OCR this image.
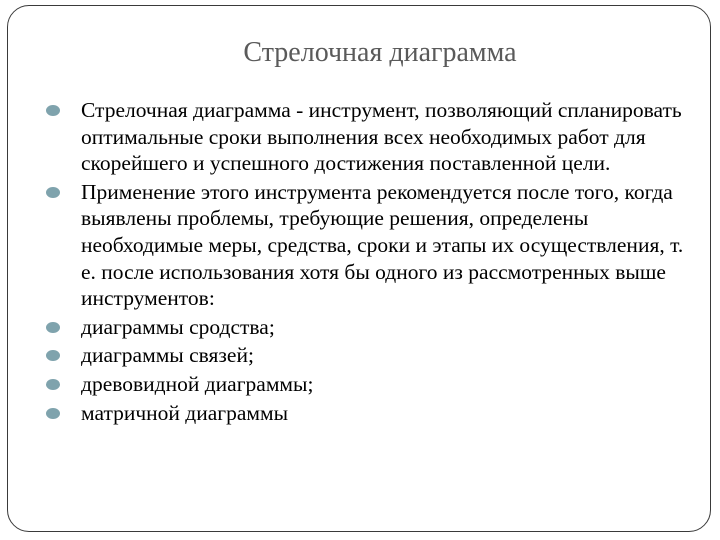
Стрелочная диаграмма
Стрелочная диаграмма - инструмент, позволяющий спланировать оптимальные сроки выполнения всех необходимых работ для скорейшего и успешного достижения поставленной цели.
Применение этого инструмента рекомендуется после того, когда выявлены проблемы, требующие решения, определены необходимые меры, средства, сроки и этапы их осуществления, т. е. после использования хотя бы одного из рассмотренных выше инструментов:
диаграммы сродства;
диаграммы связей;
древовидной диаграммы;
матричной диаграммы
